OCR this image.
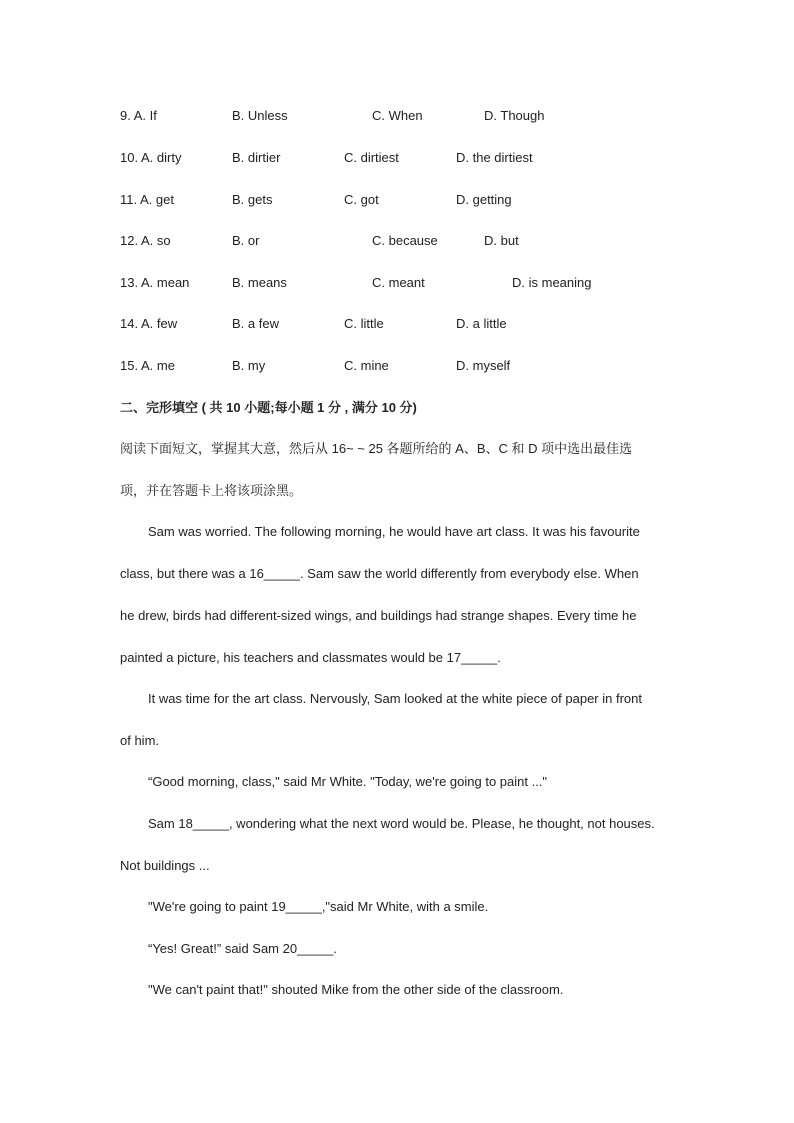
9. A. If	B. Unless	C. When	D. Though
10. A. dirty	B. dirtier	C. dirtiest	D. the dirtiest
11. A. get	B. gets	C. got	D. getting
12. A. so	B. or	C. because	D. but
13. A. mean	B. means	C. meant	D. is meaning
14. A. few	B. a few	C. little	D. a little
15. A. me	B. my	C. mine	D. myself
二、完形填空 ( 共 10 小题;每小题 1 分 , 满分 10 分)
阅读下面短文，掌握其大意，然后从 16~ ~ 25 各题所给的 A、B、C 和 D 项中选出最佳选
项，并在答题卡上将该项涂黑。
Sam was worried. The following morning, he would have art class. It was his favourite
class, but there was a 16_____. Sam saw the world differently from everybody else. When
he drew, birds had different-sized wings, and buildings had strange shapes. Every time he
painted a picture, his teachers and classmates would be 17_____.
It was time for the art class. Nervously, Sam looked at the white piece of paper in front
of him.
“Good morning, class," said Mr White. "Today, we're going to paint ..."
Sam 18_____, wondering what the next word would be. Please, he thought, not houses.
Not buildings ...
"We're going to paint 19_____,"said Mr White, with a smile.
“Yes! Great!” said Sam 20_____.
"We can't paint that!" shouted Mike from the other side of the classroom.
